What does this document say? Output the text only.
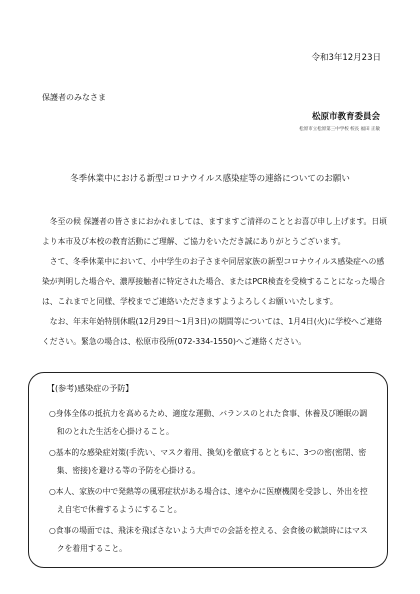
令和3年12月23日
保護者のみなさま
松原市教育委員会
松原市立松原第三中学校 校長 福田 正敏
冬季休業中における新型コロナウイルス感染症等の連絡についてのお願い

冬至の候 保護者の皆さまにおかれましては、ますますご清祥のこととお喜び申し上げます。日頃より本市及び本校の教育活動にご理解、ご協力をいただき誠にありがとうございます。

さて、冬季休業中において、小中学生のお子さまや同居家族の新型コロナウイルス感染症への感染が判明した場合や、濃厚接触者に特定された場合、またはPCR検査を受検することになった場合は、これまでと同様、学校までご連絡いただきますようよろしくお願いいたします。

なお、年末年始特別休暇(12月29日～1月3日)の期間等については、1月4日(火)に学校へご連絡ください。緊急の場合は、松原市役所(072-334-1550)へご連絡ください。

【(参考)感染症の予防】
○身体全体の抵抗力を高めるため、適度な運動、バランスのとれた食事、休養及び睡眠の調和のとれた生活を心掛けること。
○基本的な感染症対策(手洗い、マスク着用、換気)を徹底するとともに、3つの密(密閉、密集、密接)を避ける等の予防を心掛ける。
○本人、家族の中で発熱等の風邪症状がある場合は、速やかに医療機関を受診し、外出を控え自宅で休養するようにすること。
○食事の場面では、飛沫を飛ばさないよう大声での会話を控える、会食後の歓談時にはマスクを着用すること。
